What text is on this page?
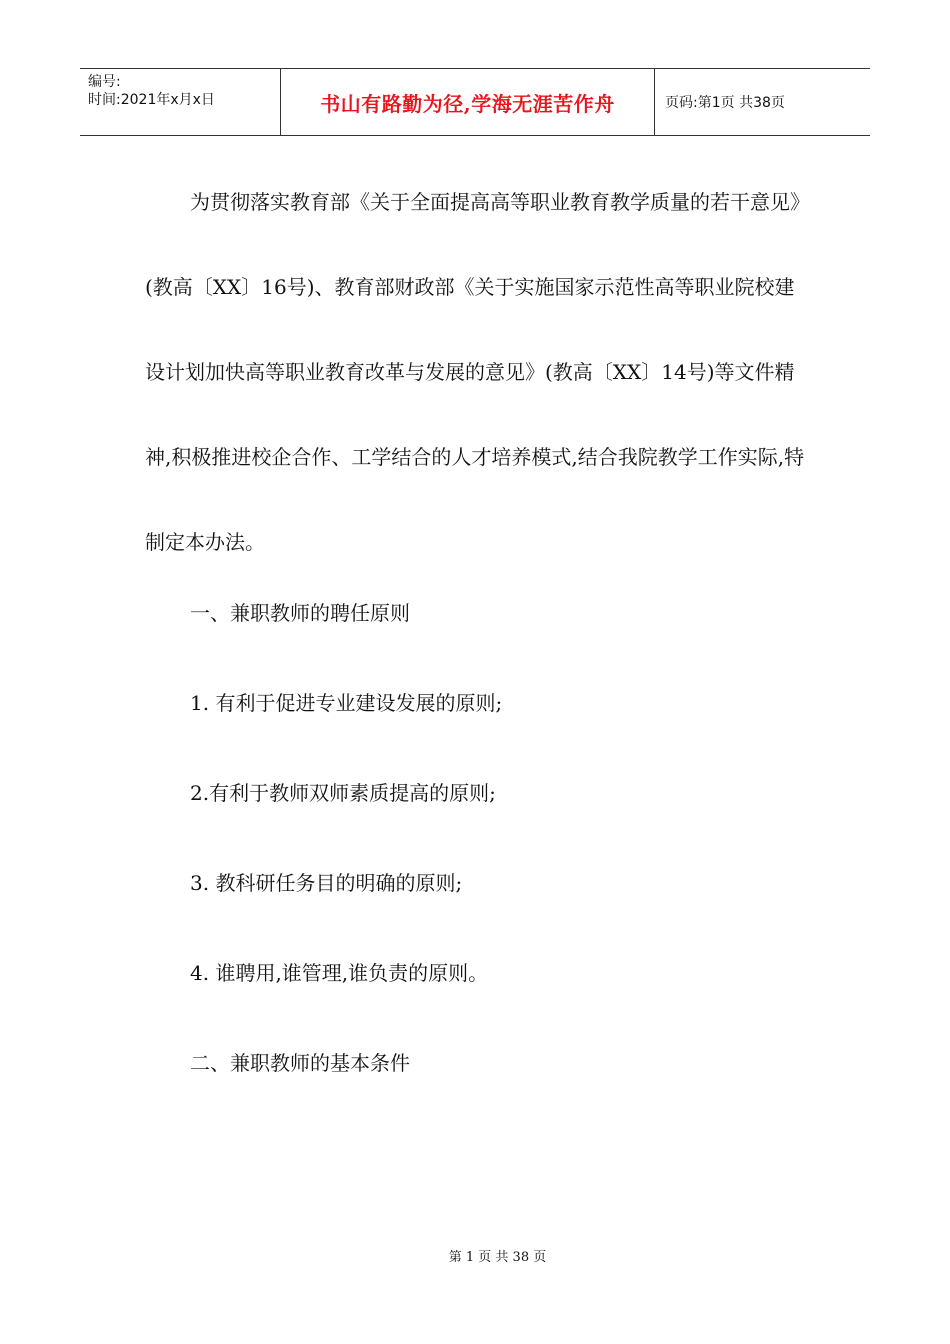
编号:
时间:2021年x月x日	书山有路勤为径,学海无涯苦作舟	页码:第1页 共38页

为贯彻落实教育部《关于全面提高高等职业教育教学质量的若干意见》(教高〔XX〕16号)、教育部财政部《关于实施国家示范性高等职业院校建设计划加快高等职业教育改革与发展的意见》(教高〔XX〕14号)等文件精神,积极推进校企合作、工学结合的人才培养模式,结合我院教学工作实际,特制定本办法。

一、兼职教师的聘任原则

1. 有利于促进专业建设发展的原则;

2.有利于教师双师素质提高的原则;

3. 教科研任务目的明确的原则;

4. 谁聘用,谁管理,谁负责的原则。

二、兼职教师的基本条件

第 1 页 共 38 页
